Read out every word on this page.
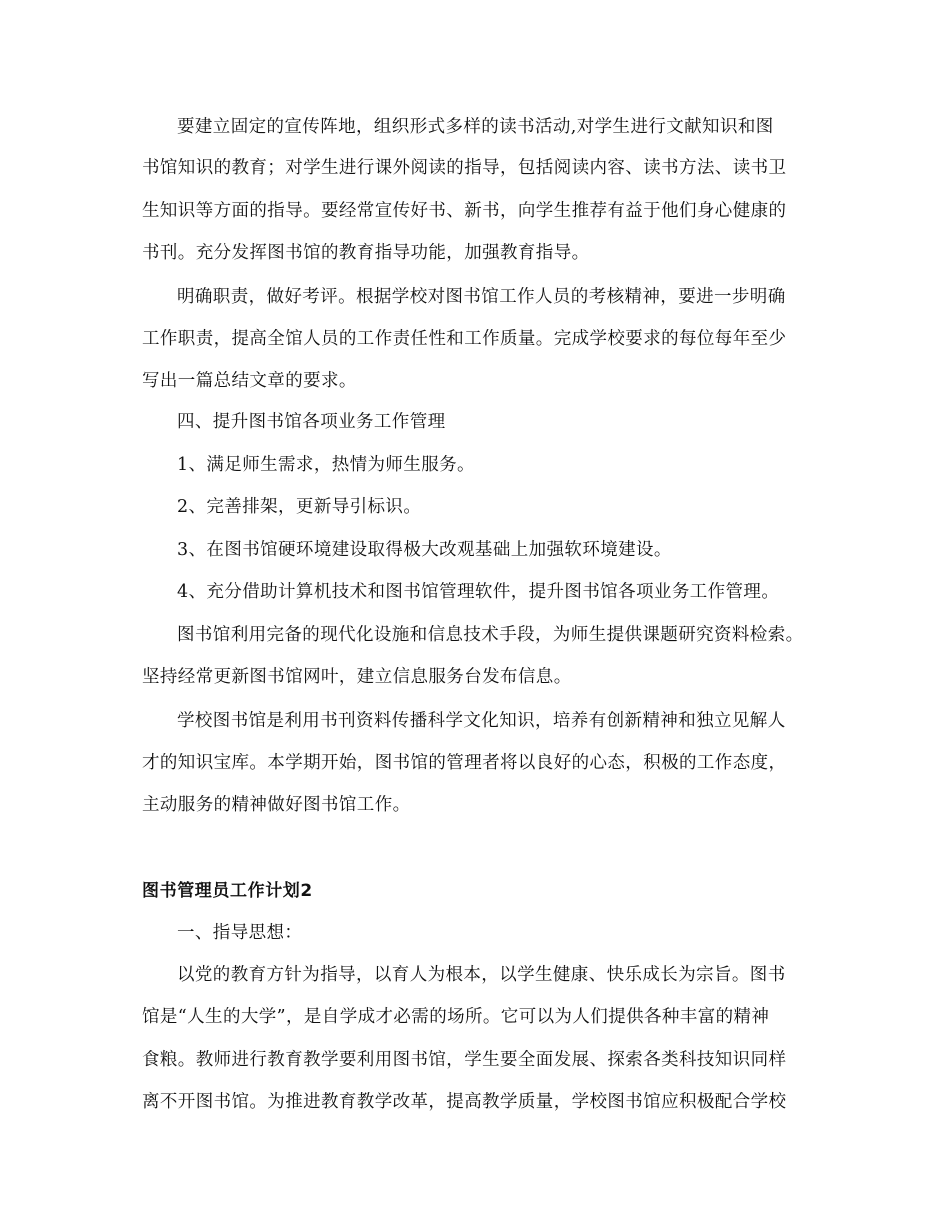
要建立固定的宣传阵地，组织形式多样的读书活动,对学生进行文献知识和图
书馆知识的教育；对学生进行课外阅读的指导，包括阅读内容、读书方法、读书卫
生知识等方面的指导。要经常宣传好书、新书，向学生推荐有益于他们身心健康的
书刊。充分发挥图书馆的教育指导功能，加强教育指导。
明确职责，做好考评。根据学校对图书馆工作人员的考核精神，要进一步明确
工作职责，提高全馆人员的工作责任性和工作质量。完成学校要求的每位每年至少
写出一篇总结文章的要求。
四、提升图书馆各项业务工作管理
1、满足师生需求，热情为师生服务。
2、完善排架，更新导引标识。
3、在图书馆硬环境建设取得极大改观基础上加强软环境建设。
4、充分借助计算机技术和图书馆管理软件，提升图书馆各项业务工作管理。
图书馆利用完备的现代化设施和信息技术手段，为师生提供课题研究资料检索。
坚持经常更新图书馆网叶，建立信息服务台发布信息。
学校图书馆是利用书刊资料传播科学文化知识，培养有创新精神和独立见解人
才的知识宝库。本学期开始，图书馆的管理者将以良好的心态，积极的工作态度，
主动服务的精神做好图书馆工作。
图书管理员工作计划2
一、指导思想：
以党的教育方针为指导，以育人为根本，以学生健康、快乐成长为宗旨。图书
馆是“人生的大学”，是自学成才必需的场所。它可以为人们提供各种丰富的精神
食粮。教师进行教育教学要利用图书馆，学生要全面发展、探索各类科技知识同样
离不开图书馆。为推进教育教学改革，提高教学质量，学校图书馆应积极配合学校
